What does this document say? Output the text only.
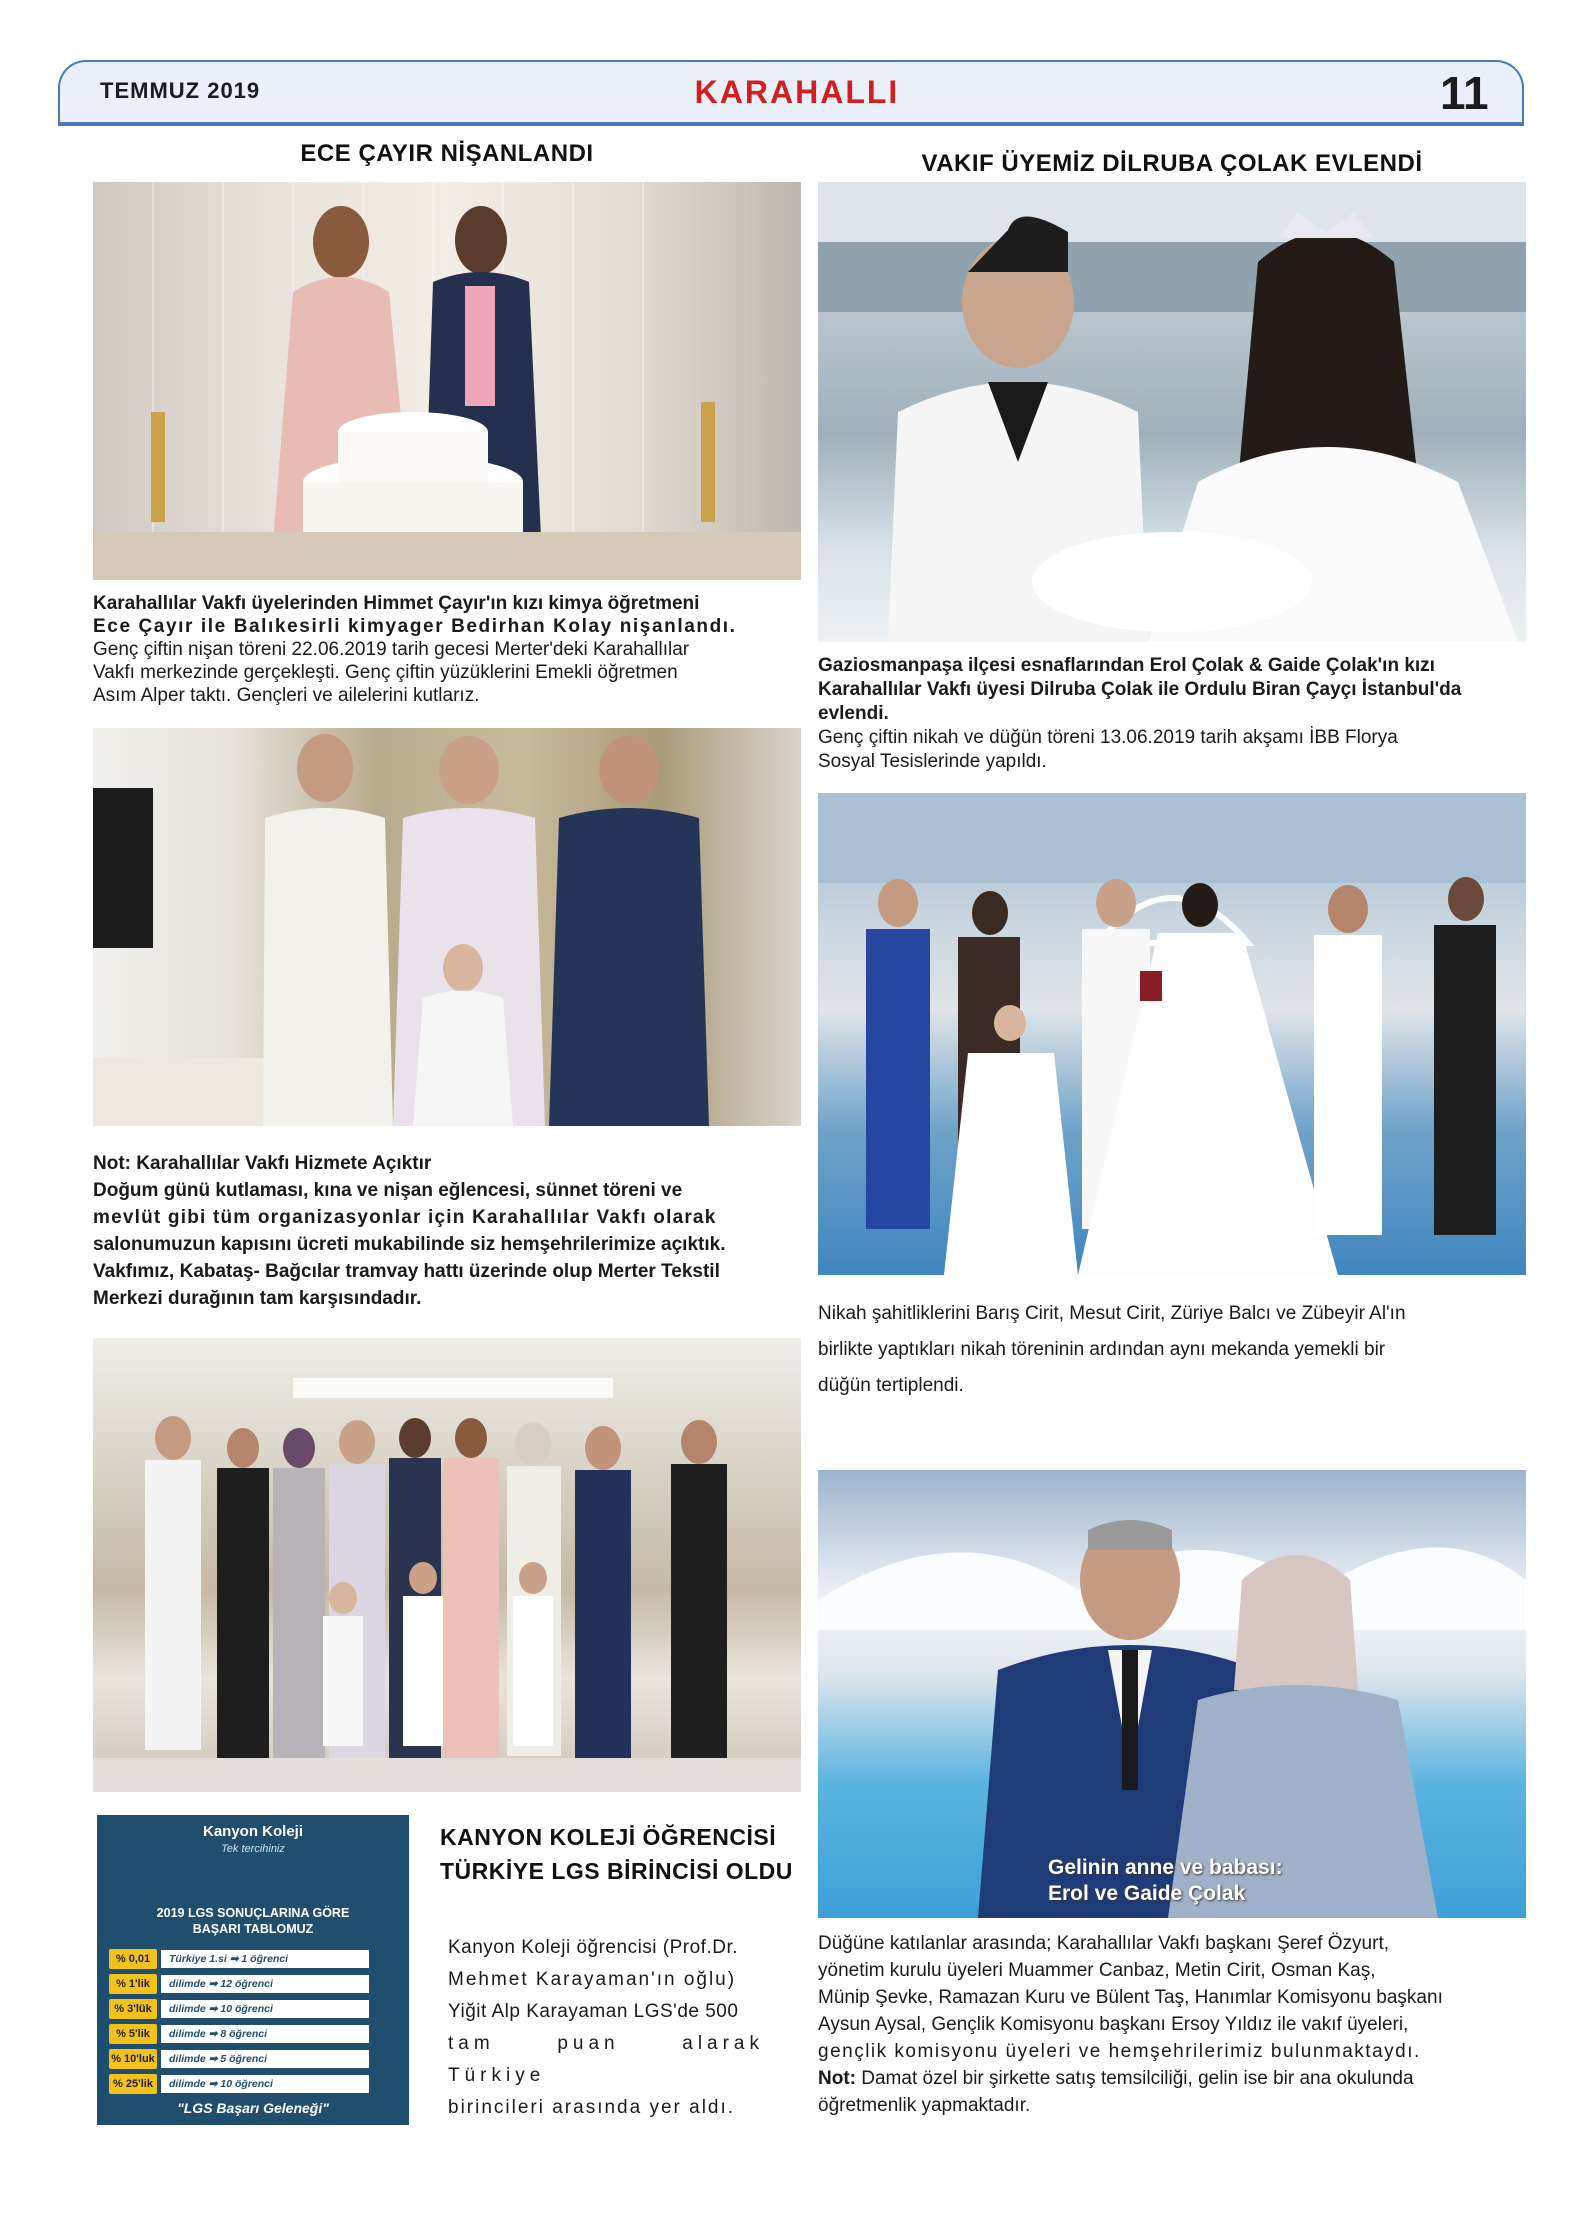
TEMMUZ 2019	KARAHALLI	11
ECE ÇAYIR NİŞANLANDI
Karahallılar Vakfı üyelerinden Himmet Çayır'ın kızı kimya öğretmeni
Ece Çayır ile Balıkesirli kimyager Bedirhan Kolay nişanlandı.
Genç çiftin nişan töreni 22.06.2019 tarih gecesi Merter'deki Karahallılar
Vakfı merkezinde gerçekleşti. Genç çiftin yüzüklerini Emekli öğretmen
Asım Alper taktı. Gençleri ve ailelerini kutlarız.
Not: Karahallılar Vakfı Hizmete Açıktır
Doğum günü kutlaması, kına ve nişan eğlencesi, sünnet töreni ve
mevlüt gibi tüm organizasyonlar için Karahallılar Vakfı olarak
salonumuzun kapısını ücreti mukabilinde siz hemşehrilerimize açıktık.
Vakfımız, Kabataş- Bağcılar tramvay hattı üzerinde olup Merter Tekstil
Merkezi durağının tam karşısındadır.
Kanyon Koleji
Tek tercihiniz
2019 LGS SONUÇLARINA GÖRE
BAŞARI TABLOMUZ
% 0,01	Türkiye 1.si ➡ 1 öğrenci
% 1'lik	dilimde ➡ 12 öğrenci
% 3'lük	dilimde ➡ 10 öğrenci
% 5'lik	dilimde ➡ 8 öğrenci
% 10'luk	dilimde ➡ 5 öğrenci
% 25'lik	dilimde ➡ 10 öğrenci
"LGS Başarı Geleneği"
KANYON KOLEJİ ÖĞRENCİSİ
TÜRKİYE LGS BİRİNCİSİ OLDU
Kanyon Koleji öğrencisi (Prof.Dr.
Mehmet Karayaman'ın oğlu)
Yiğit Alp Karayaman LGS'de 500
tam puan alarak Türkiye
birincileri arasında yer aldı.
VAKIF ÜYEMİZ DİLRUBA ÇOLAK EVLENDİ
Gaziosmanpaşa ilçesi esnaflarından Erol Çolak & Gaide Çolak'ın kızı
Karahallılar Vakfı üyesi Dilruba Çolak ile Ordulu Biran Çayçı İstanbul'da
evlendi.
Genç çiftin nikah ve düğün töreni 13.06.2019 tarih akşamı İBB Florya
Sosyal Tesislerinde yapıldı.
Nikah şahitliklerini Barış Cirit, Mesut Cirit, Züriye Balcı ve Zübeyir Al'ın
birlikte yaptıkları nikah töreninin ardından aynı mekanda yemekli bir
düğün tertiplendi.
Gelinin anne ve babası:
Erol ve Gaide Çolak
Düğüne katılanlar arasında; Karahallılar Vakfı başkanı Şeref Özyurt,
yönetim kurulu üyeleri Muammer Canbaz, Metin Cirit, Osman Kaş,
Münip Şevke, Ramazan Kuru ve Bülent Taş, Hanımlar Komisyonu başkanı
Aysun Aysal, Gençlik Komisyonu başkanı Ersoy Yıldız ile vakıf üyeleri,
gençlik komisyonu üyeleri ve hemşehrilerimiz bulunmaktaydı.
Not: Damat özel bir şirkette satış temsilciliği, gelin ise bir ana okulunda
öğretmenlik yapmaktadır.
